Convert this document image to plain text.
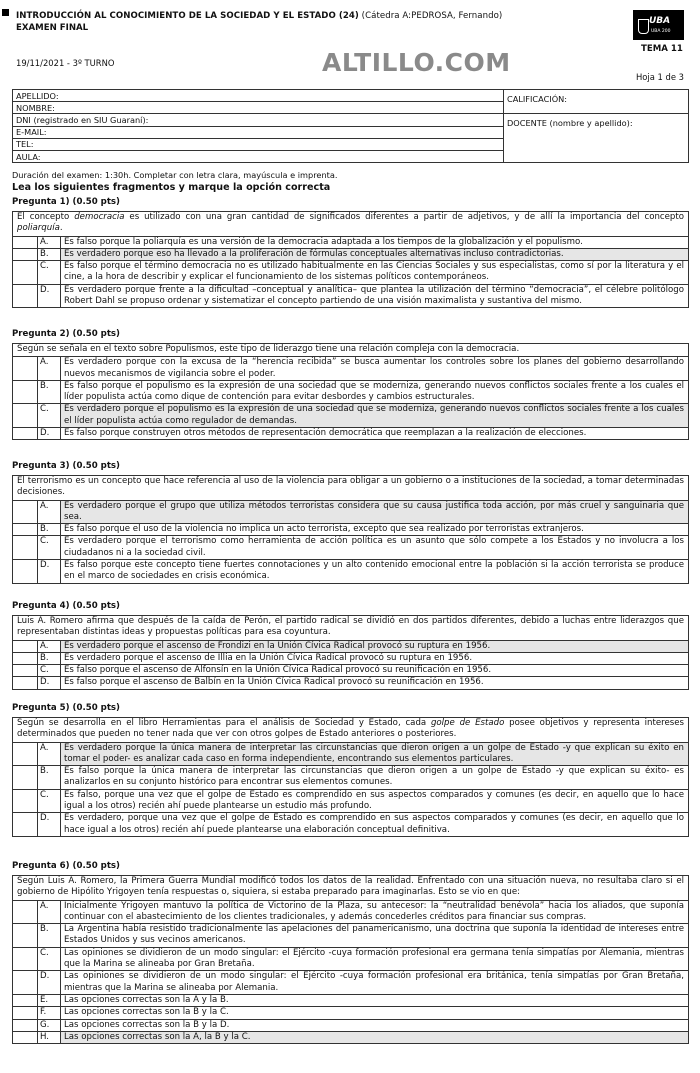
INTRODUCCIÓN AL CONOCIMIENTO DE LA SOCIEDAD Y EL ESTADO (24) (Cátedra A:PEDROSA, Fernando)
EXAMEN FINAL
19/11/2021 - 3º TURNO	ALTILLO.COM
UBA
UBA 200
TEMA 11
Hoja 1 de 3
APELLIDO:	CALIFICACIÓN:
NOMBRE:	
DNI (registrado en SIU Guaraní):	DOCENTE (nombre y apellido):
E-MAIL:	
TEL:	
AULA:	
Duración del examen: 1:30h. Completar con letra clara, mayúscula e imprenta.
Lea los siguientes fragmentos y marque la opción correcta
Pregunta 1) (0.50 pts)
El concepto democracia es utilizado con una gran cantidad de significados diferentes a partir de adjetivos, y de allí la importancia del concepto poliarquía.
A.	Es falso porque la poliarquía es una versión de la democracia adaptada a los tiempos de la globalización y el populismo.
B.	Es verdadero porque eso ha llevado a la proliferación de fórmulas conceptuales alternativas incluso contradictorias.
C.	Es falso porque el término democracia no es utilizado habitualmente en las Ciencias Sociales y sus especialistas, como sí por la literatura y el cine, a la hora de describir y explicar el funcionamiento de los sistemas políticos contemporáneos.
D.	Es verdadero porque frente a la dificultad –conceptual y analítica– que plantea la utilización del término “democracia”, el célebre politólogo Robert Dahl se propuso ordenar y sistematizar el concepto partiendo de una visión maximalista y sustantiva del mismo.
Pregunta 2) (0.50 pts)
Según se señala en el texto sobre Populismos, este tipo de liderazgo tiene una relación compleja con la democracia.
A.	Es verdadero porque con la excusa de la “herencia recibida” se busca aumentar los controles sobre los planes del gobierno desarrollando nuevos mecanismos de vigilancia sobre el poder.
B.	Es falso porque el populismo es la expresión de una sociedad que se moderniza, generando nuevos conflictos sociales frente a los cuales el líder populista actúa como dique de contención para evitar desbordes y cambios estructurales.
C.	Es verdadero porque el populismo es la expresión de una sociedad que se moderniza, generando nuevos conflictos sociales frente a los cuales el líder populista actúa como regulador de demandas.
D.	Es falso porque construyen otros métodos de representación democrática que reemplazan a la realización de elecciones.
Pregunta 3) (0.50 pts)
El terrorismo es un concepto que hace referencia al uso de la violencia para obligar a un gobierno o a instituciones de la sociedad, a tomar determinadas decisiones.
A.	Es verdadero porque el grupo que utiliza métodos terroristas considera que su causa justifica toda acción, por más cruel y sanguinaria que sea.
B.	Es falso porque el uso de la violencia no implica un acto terrorista, excepto que sea realizado por terroristas extranjeros.
C.	Es verdadero porque el terrorismo como herramienta de acción política es un asunto que sólo compete a los Estados y no involucra a los ciudadanos ni a la sociedad civil.
D.	Es falso porque este concepto tiene fuertes connotaciones y un alto contenido emocional entre la población si la acción terrorista se produce en el marco de sociedades en crisis económica.
Pregunta 4) (0.50 pts)
Luis A. Romero afirma que después de la caída de Perón, el partido radical se dividió en dos partidos diferentes, debido a luchas entre liderazgos que representaban distintas ideas y propuestas políticas para esa coyuntura.
A.	Es verdadero porque el ascenso de Frondizi en la Unión Cívica Radical provocó su ruptura en 1956.
B.	Es verdadero porque el ascenso de Illia en la Unión Cívica Radical provocó su ruptura en 1956.
C.	Es falso porque el ascenso de Alfonsín en la Unión Cívica Radical provocó su reunificación en 1956.
D.	Es falso porque el ascenso de Balbín en la Unión Cívica Radical provocó su reunificación en 1956.
Pregunta 5) (0.50 pts)
Según se desarrolla en el libro Herramientas para el análisis de Sociedad y Estado, cada golpe de Estado posee objetivos y representa intereses determinados que pueden no tener nada que ver con otros golpes de Estado anteriores o posteriores.
A.	Es verdadero porque la única manera de interpretar las circunstancias que dieron origen a un golpe de Estado -y que explican su éxito en tomar el poder- es analizar cada caso en forma independiente, encontrando sus elementos particulares.
B.	Es falso porque la única manera de interpretar las circunstancias que dieron origen a un golpe de Estado -y que explican su éxito- es analizarlos en su conjunto histórico para encontrar sus elementos comunes.
C.	Es falso, porque una vez que el golpe de Estado es comprendido en sus aspectos comparados y comunes (es decir, en aquello que lo hace igual a los otros) recién ahí puede plantearse un estudio más profundo.
D.	Es verdadero, porque una vez que el golpe de Estado es comprendido en sus aspectos comparados y comunes (es decir, en aquello que lo hace igual a los otros) recién ahí puede plantearse una elaboración conceptual definitiva.
Pregunta 6) (0.50 pts)
Según Luis A. Romero, la Primera Guerra Mundial modificó todos los datos de la realidad. Enfrentado con una situación nueva, no resultaba claro si el gobierno de Hipólito Yrigoyen tenía respuestas o, siquiera, si estaba preparado para imaginarlas. Esto se vio en que:
A.	Inicialmente Yrigoyen mantuvo la política de Victorino de la Plaza, su antecesor: la “neutralidad benévola” hacia los aliados, que suponía continuar con el abastecimiento de los clientes tradicionales, y además concederles créditos para financiar sus compras.
B.	La Argentina había resistido tradicionalmente las apelaciones del panamericanismo, una doctrina que suponía la identidad de intereses entre Estados Unidos y sus vecinos americanos.
C.	Las opiniones se dividieron de un modo singular: el Ejército -cuya formación profesional era germana tenía simpatías por Alemania, mientras que la Marina se alineaba por Gran Bretaña.
D.	Las opiniones se dividieron de un modo singular: el Ejército -cuya formación profesional era británica, tenía simpatías por Gran Bretaña, mientras que la Marina se alineaba por Alemania.
E.	Las opciones correctas son la A y la B.
F.	Las opciones correctas son la B y la C.
G.	Las opciones correctas son la B y la D.
H.	Las opciones correctas son la A, la B y la C.
